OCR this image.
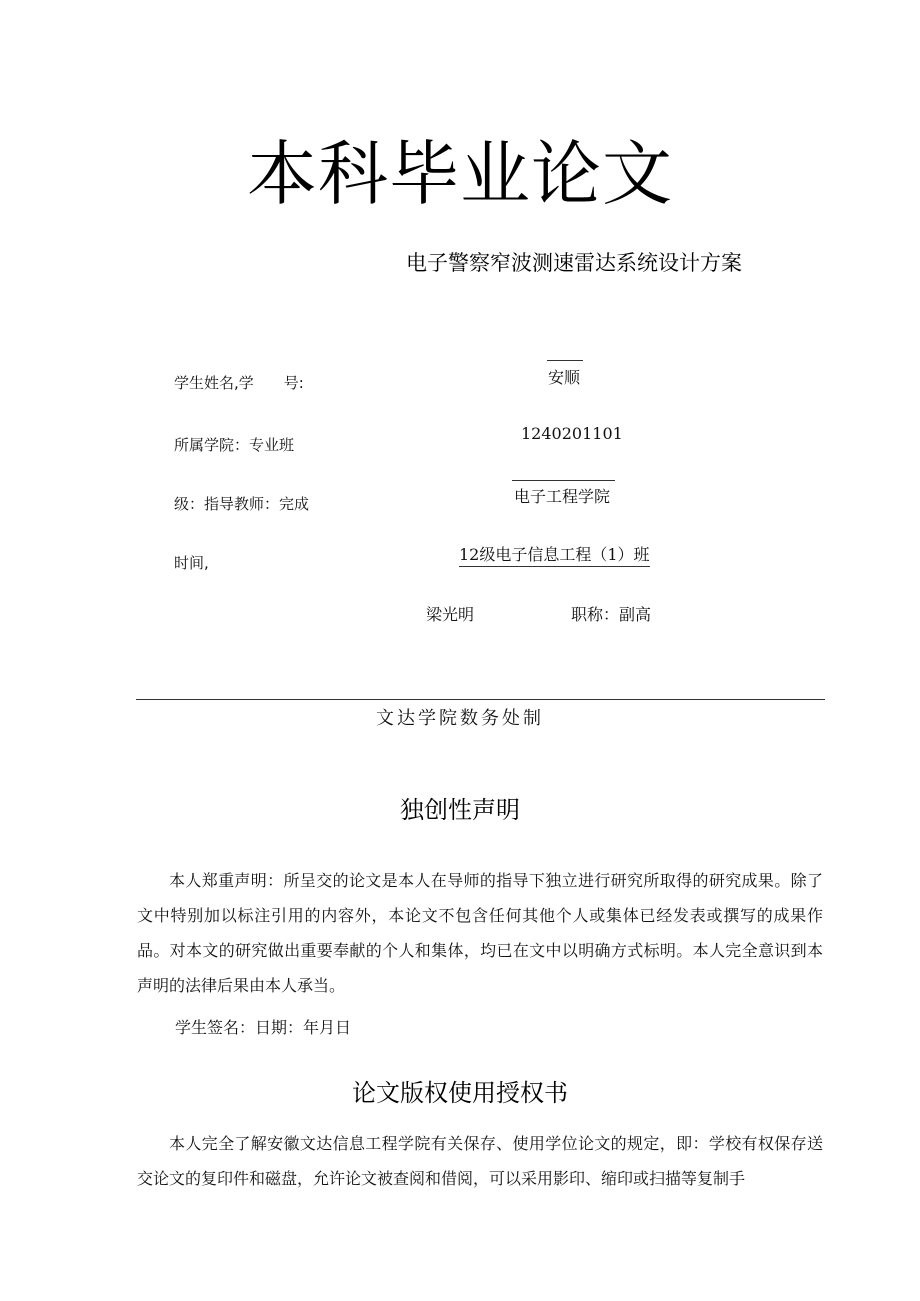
本科毕业论文
电子警察窄波测速雷达系统设计方案
学生姓名,学　　号:
所属学院：专业班
级：指导教师：完成
时间,
安顺
1240201101
电子工程学院
12级电子信息工程（1）班
梁光明	职称：副高
文达学院数务处制
独创性声明
本人郑重声明：所呈交的论文是本人在导师的指导下独立进行研究所取得的研究成果。除了文中特别加以标注引用的内容外，本论文不包含任何其他个人或集体已经发表或撰写的成果作品。对本文的研究做出重要奉献的个人和集体，均已在文中以明确方式标明。本人完全意识到本声明的法律后果由本人承当。
学生签名：日期：年月日
论文版权使用授权书
本人完全了解安徽文达信息工程学院有关保存、使用学位论文的规定，即：学校有权保存送交论文的复印件和磁盘，允许论文被查阅和借阅，可以采用影印、缩印或扫描等复制手
